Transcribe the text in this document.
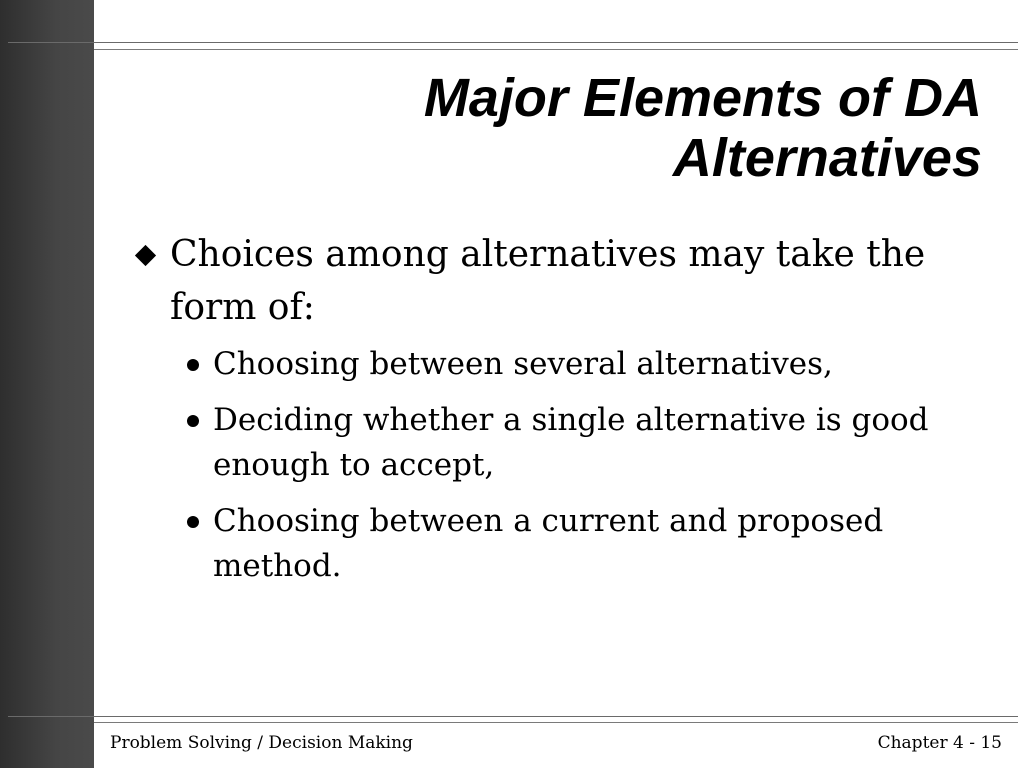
Major Elements of DA
Alternatives
Choices among alternatives may take the form of:
Choosing between several alternatives,
Deciding whether a single alternative is good enough to accept,
Choosing between a current and proposed method.
Problem Solving / Decision Making	Chapter 4 - 15
